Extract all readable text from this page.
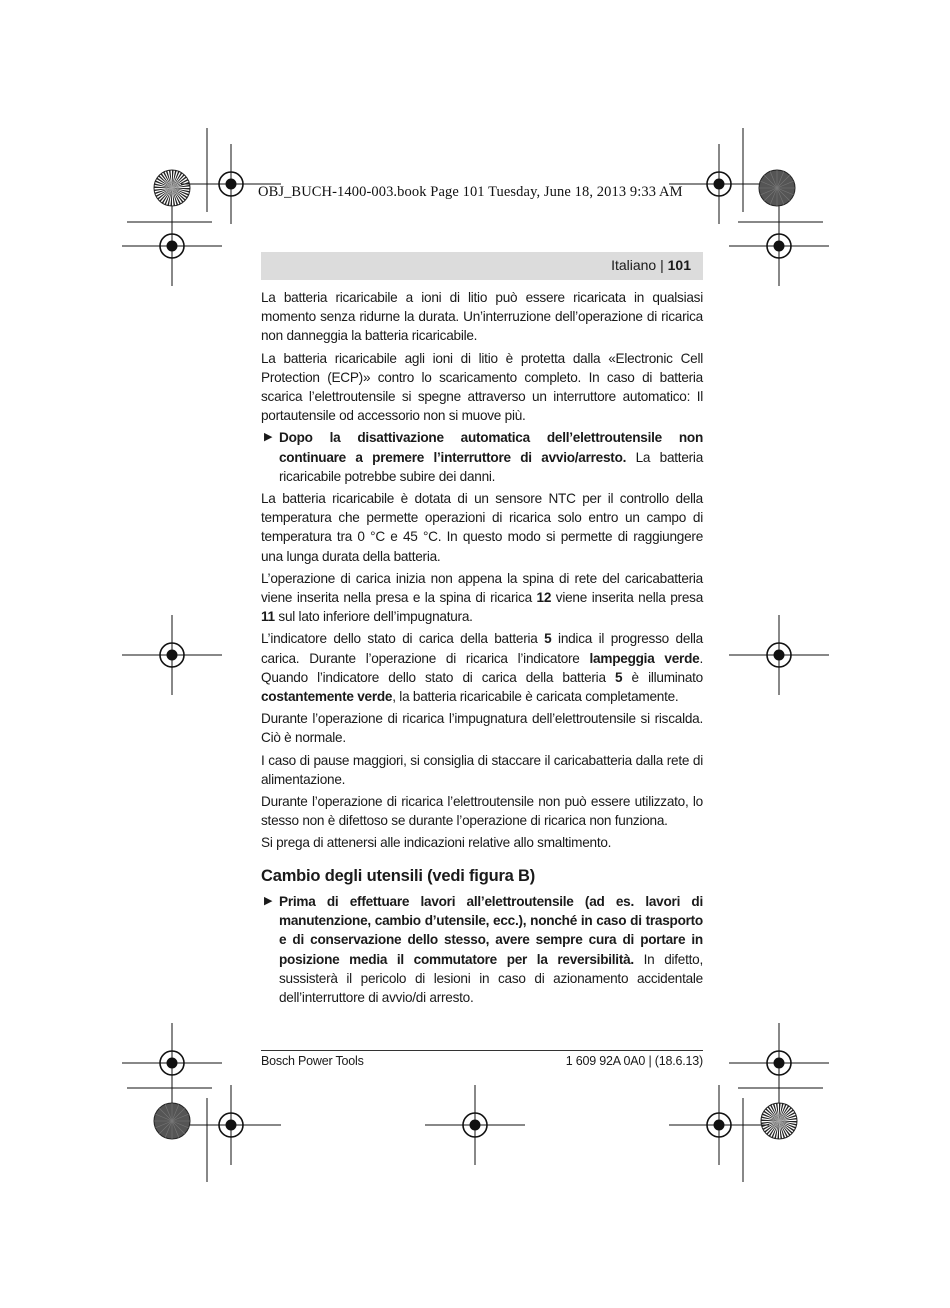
OBJ_BUCH-1400-003.book Page 101 Tuesday, June 18, 2013 9:33 AM
Italiano | 101

La batteria ricaricabile a ioni di litio può essere ricaricata in qualsiasi momento senza ridurne la durata. Un’interruzione dell’operazione di ricarica non danneggia la batteria ricaricabile.

La batteria ricaricabile agli ioni di litio è protetta dalla «Electronic Cell Protection (ECP)» contro lo scaricamento completo. In caso di batteria scarica l’elettroutensile si spegne attraverso un interruttore automatico: Il portautensile od accessorio non si muove più.

▶ Dopo la disattivazione automatica dell’elettroutensile non continuare a premere l’interruttore di avvio/arresto. La batteria ricaricabile potrebbe subire dei danni.

La batteria ricaricabile è dotata di un sensore NTC per il controllo della temperatura che permette operazioni di ricarica solo entro un campo di temperatura tra 0 °C e 45 °C. In questo modo si permette di raggiungere una lunga durata della batteria.

L’operazione di carica inizia non appena la spina di rete del caricabatteria viene inserita nella presa e la spina di ricarica 12 viene inserita nella presa 11 sul lato inferiore dell’impugnatura.

L’indicatore dello stato di carica della batteria 5 indica il progresso della carica. Durante l’operazione di ricarica l’indicatore lampeggia verde. Quando l’indicatore dello stato di carica della batteria 5 è illuminato costantemente verde, la batteria ricaricabile è caricata completamente.

Durante l’operazione di ricarica l’impugnatura dell’elettroutensile si riscalda. Ciò è normale.

I caso di pause maggiori, si consiglia di staccare il caricabatteria dalla rete di alimentazione.

Durante l’operazione di ricarica l’elettroutensile non può essere utilizzato, lo stesso non è difettoso se durante l’operazione di ricarica non funziona.

Si prega di attenersi alle indicazioni relative allo smaltimento.

Cambio degli utensili (vedi figura B)
▶ Prima di effettuare lavori all’elettroutensile (ad es. lavori di manutenzione, cambio d’utensile, ecc.), nonché in caso di trasporto e di conservazione dello stesso, avere sempre cura di portare in posizione media il commutatore per la reversibilità. In difetto, sussisterà il pericolo di lesioni in caso di azionamento accidentale dell’interruttore di avvio/di arresto.
Bosch Power Tools	1 609 92A 0A0 | (18.6.13)
